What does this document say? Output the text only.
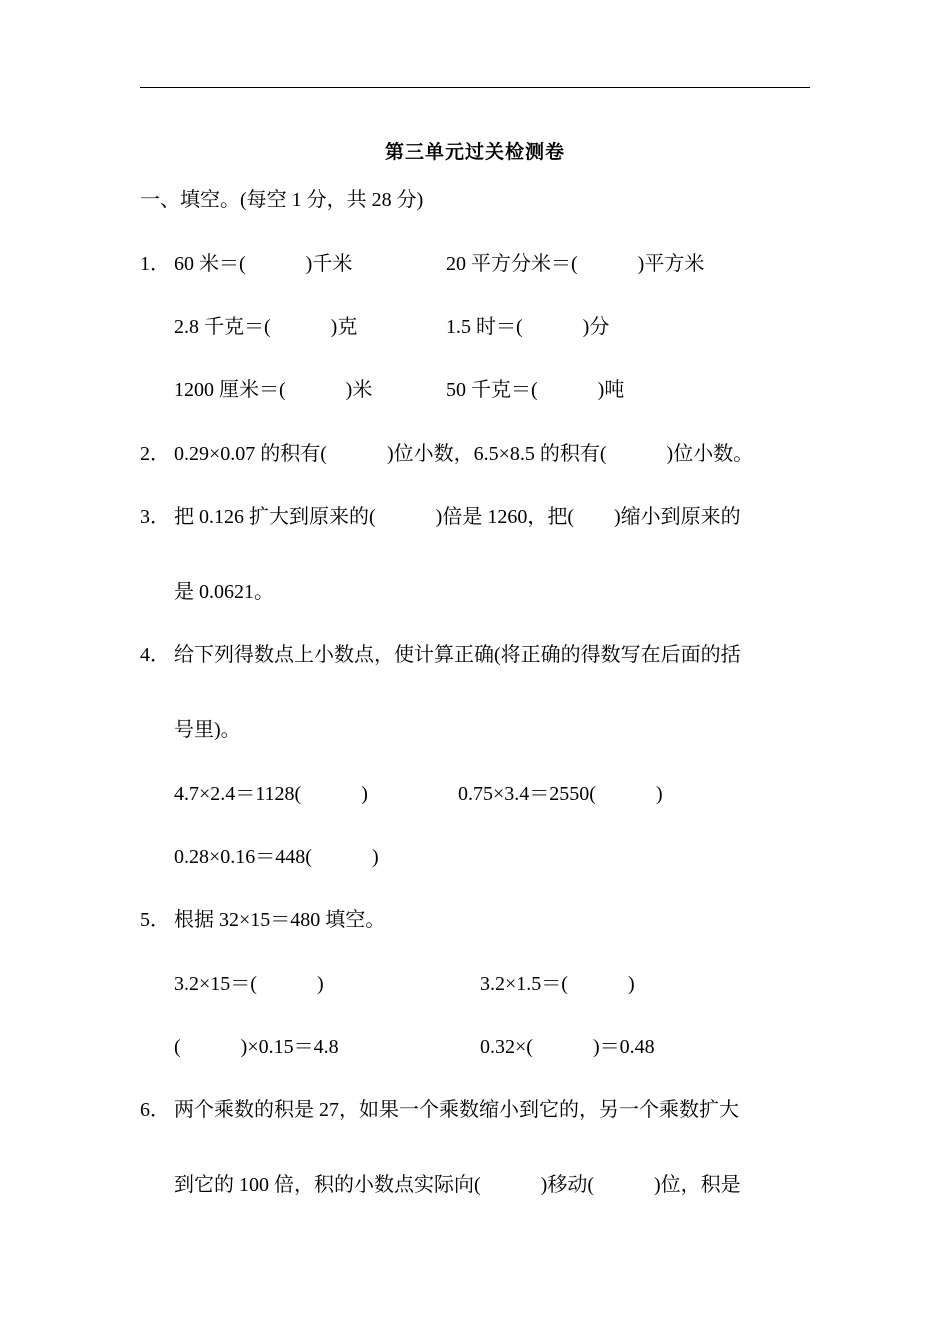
第三单元过关检测卷
一、填空。(每空 1 分，共 28 分)
1． 60 米＝(　　　)千米	20 平方分米＝(　　　)平方米
2.8 千克＝(　　　)克	1.5 时＝(　　　)分
1200 厘米＝(　　　)米	50 千克＝(　　　)吨
2． 0.29×0.07 的积有(　　　)位小数，6.5×8.5 的积有(　　　)位小数。
3． 把 0.126 扩大到原来的(　　　)倍是 1260，把(　　)缩小到原来的
是 0.0621。
4． 给下列得数点上小数点，使计算正确(将正确的得数写在后面的括
号里)。
4.7×2.4＝1128(　　　)	0.75×3.4＝2550(　　　)
0.28×0.16＝448(　　　)
5． 根据 32×15＝480 填空。
3.2×15＝(　　　)	3.2×1.5＝(　　　)
(　　　)×0.15＝4.8	0.32×(　　　)＝0.48
6． 两个乘数的积是 27，如果一个乘数缩小到它的，另一个乘数扩大
到它的 100 倍，积的小数点实际向(　　　)移动(　　　)位，积是
